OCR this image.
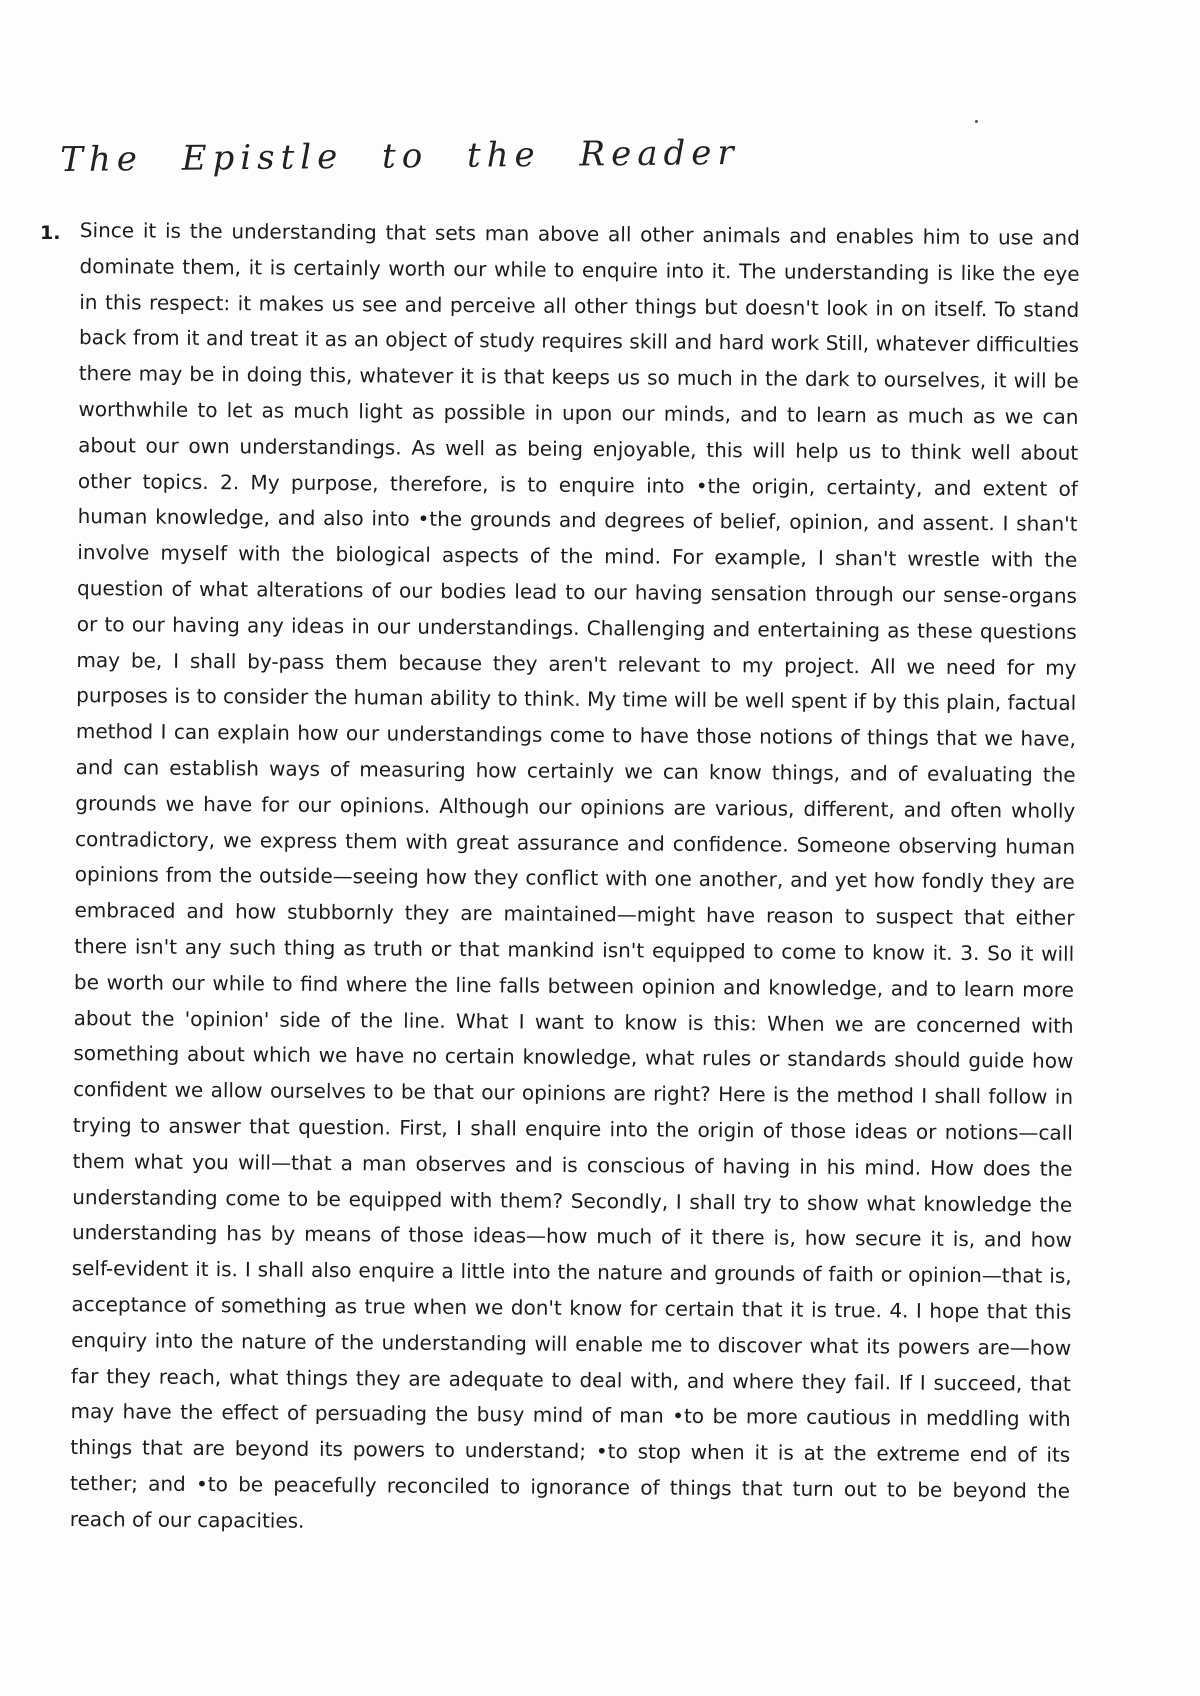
The Epistle to the Reader
1. Since it is the understanding that sets man above all other animals and enables him to use and dominate them, it is certainly worth our while to enquire into it. The understanding is like the eye in this respect: it makes us see and perceive all other things but doesn't look in on itself. To stand back from it and treat it as an object of study requires skill and hard work Still, whatever difficulties there may be in doing this, whatever it is that keeps us so much in the dark to ourselves, it will be worthwhile to let as much light as possible in upon our minds, and to learn as much as we can about our own understandings. As well as being enjoyable, this will help us to think well about other topics. 2. My purpose, therefore, is to enquire into •the origin, certainty, and extent of human knowledge, and also into •the grounds and degrees of belief, opinion, and assent. I shan't involve myself with the biological aspects of the mind. For example, I shan't wrestle with the question of what alterations of our bodies lead to our having sensation through our sense-organs or to our having any ideas in our understandings. Challenging and entertaining as these questions may be, I shall by-pass them because they aren't relevant to my project. All we need for my purposes is to consider the human ability to think. My time will be well spent if by this plain, factual method I can explain how our understandings come to have those notions of things that we have, and can establish ways of measuring how certainly we can know things, and of evaluating the grounds we have for our opinions. Although our opinions are various, different, and often wholly contradictory, we express them with great assurance and confidence. Someone observing human opinions from the outside—seeing how they conflict with one another, and yet how fondly they are embraced and how stubbornly they are maintained—might have reason to suspect that either there isn't any such thing as truth or that mankind isn't equipped to come to know it. 3. So it will be worth our while to find where the line falls between opinion and knowledge, and to learn more about the 'opinion' side of the line. What I want to know is this: When we are concerned with something about which we have no certain knowledge, what rules or standards should guide how confident we allow ourselves to be that our opinions are right? Here is the method I shall follow in trying to answer that question. First, I shall enquire into the origin of those ideas or notions—call them what you will—that a man observes and is conscious of having in his mind. How does the understanding come to be equipped with them? Secondly, I shall try to show what knowledge the understanding has by means of those ideas—how much of it there is, how secure it is, and how self-evident it is. I shall also enquire a little into the nature and grounds of faith or opinion—that is, acceptance of something as true when we don't know for certain that it is true. 4. I hope that this enquiry into the nature of the understanding will enable me to discover what its powers are—how far they reach, what things they are adequate to deal with, and where they fail. If I succeed, that may have the effect of persuading the busy mind of man •to be more cautious in meddling with things that are beyond its powers to understand; •to stop when it is at the extreme end of its tether; and •to be peacefully reconciled to ignorance of things that turn out to be beyond the reach of our capacities.
